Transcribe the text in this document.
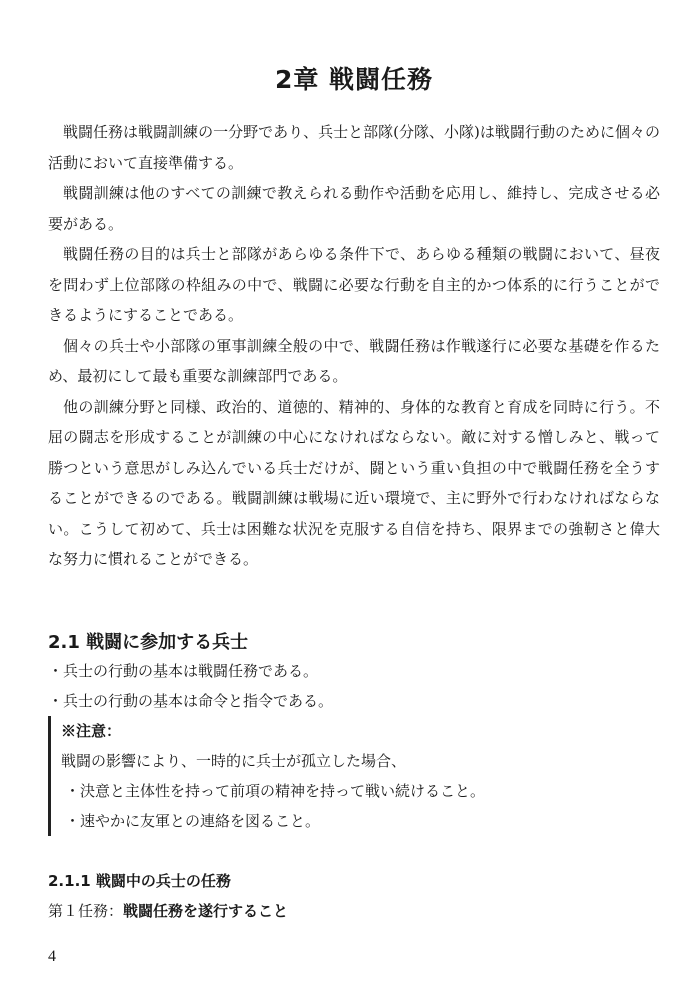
2章 戦闘任務

戦闘任務は戦闘訓練の一分野であり、兵士と部隊(分隊、小隊)は戦闘行動のために個々の活動において直接準備する。

戦闘訓練は他のすべての訓練で教えられる動作や活動を応用し、維持し、完成させる必要がある。

戦闘任務の目的は兵士と部隊があらゆる条件下で、あらゆる種類の戦闘において、昼夜を問わず上位部隊の枠組みの中で、戦闘に必要な行動を自主的かつ体系的に行うことができるようにすることである。

個々の兵士や小部隊の軍事訓練全般の中で、戦闘任務は作戦遂行に必要な基礎を作るため、最初にして最も重要な訓練部門である。

他の訓練分野と同様、政治的、道徳的、精神的、身体的な教育と育成を同時に行う。不屈の闘志を形成することが訓練の中心になければならない。敵に対する憎しみと、戦って勝つという意思がしみ込んでいる兵士だけが、闘という重い負担の中で戦闘任務を全うすることができるのである。戦闘訓練は戦場に近い環境で、主に野外で行わなければならない。こうして初めて、兵士は困難な状況を克服する自信を持ち、限界までの強靭さと偉大な努力に慣れることができる。

2.1 戦闘に参加する兵士

・兵士の行動の基本は戦闘任務である。

・兵士の行動の基本は命令と指令である。

※注意：

戦闘の影響により、一時的に兵士が孤立した場合、

・決意と主体性を持って前項の精神を持って戦い続けること。

・速やかに友軍との連絡を図ること。

2.1.1 戦闘中の兵士の任務

第１任務：戦闘任務を遂行すること

4
